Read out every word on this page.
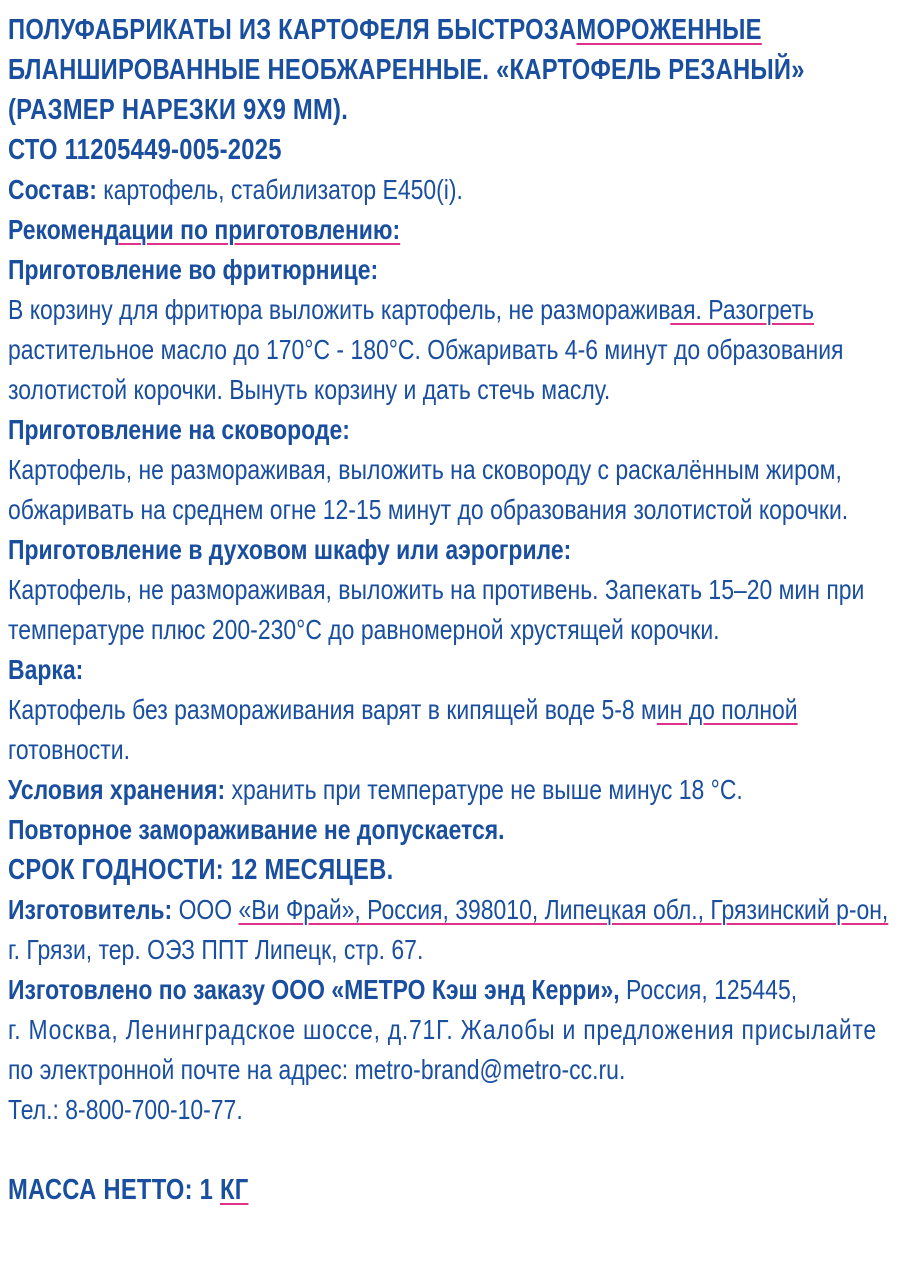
ПОЛУФАБРИКАТЫ ИЗ КАРТОФЕЛЯ БЫСТРОЗАМОРОЖЕННЫЕ
БЛАНШИРОВАННЫЕ НЕОБЖАРЕННЫЕ. «КАРТОФЕЛЬ РЕЗАНЫЙ»
(РАЗМЕР НАРЕЗКИ 9Х9 ММ).
СТО 11205449-005-2025
Состав: картофель, стабилизатор Е450(i).
Рекомендации по приготовлению:
Приготовление во фритюрнице:
В корзину для фритюра выложить картофель, не размораживая. Разогреть
растительное масло до 170°С - 180°С. Обжаривать 4-6 минут до образования
золотистой корочки. Вынуть корзину и дать стечь маслу.
Приготовление на сковороде:
Картофель, не размораживая, выложить на сковороду с раскалённым жиром,
обжаривать на среднем огне 12-15 минут до образования золотистой корочки.
Приготовление в духовом шкафу или аэрогриле:
Картофель, не размораживая, выложить на противень. Запекать 15–20 мин при
температуре плюс 200-230°С до равномерной хрустящей корочки.
Варка:
Картофель без размораживания варят в кипящей воде 5-8 мин до полной
готовности.
Условия хранения: хранить при температуре не выше минус 18 °С.
Повторное замораживание не допускается.
СРОК ГОДНОСТИ: 12 МЕСЯЦЕВ.
Изготовитель: ООО «Ви Фрай», Россия, 398010, Липецкая обл., Грязинский р-он,
г. Грязи, тер. ОЭЗ ППТ Липецк, стр. 67.
Изготовлено по заказу ООО «МЕТРО Кэш энд Керри», Россия, 125445,
г. Москва, Ленинградское шоссе, д.71Г. Жалобы и предложения присылайте
по электронной почте на адрес: metro-brand@metro-cc.ru.
Тел.: 8-800-700-10-77.
МАССА НЕТТО: 1 КГ
